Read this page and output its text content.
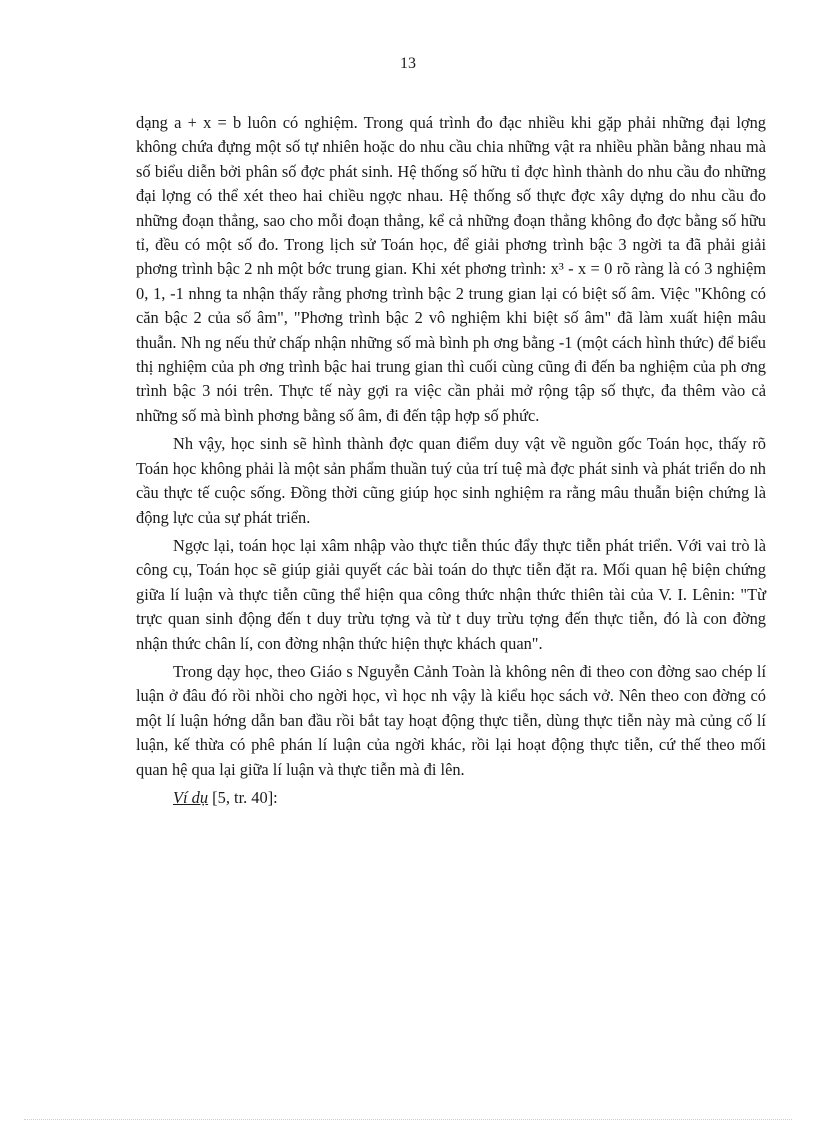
13

dạng a + x = b luôn có nghiệm. Trong quá trình đo đạc nhiều khi gặp phải những đại lợng không chứa đựng một số tự nhiên hoặc do nhu cầu chia những vật ra nhiều phần bằng nhau mà số biểu diễn bởi phân số đợc phát sinh. Hệ thống số hữu tỉ đợc hình thành do nhu cầu đo những đại lợng có thể xét theo hai chiều ngợc nhau. Hệ thống số thực đợc xây dựng do nhu cầu đo những đoạn thẳng, sao cho mỗi đoạn thẳng, kể cả những đoạn thẳng không đo đợc bằng số hữu tỉ, đều có một số đo. Trong lịch sử Toán học, để giải phơng trình bậc 3 ngời ta đã phải giải phơng trình bậc 2 nh một bớc trung gian. Khi xét phơng trình: x³ - x = 0 rõ ràng là có 3 nghiệm 0, 1, -1 nhng ta nhận thấy rằng phơng trình bậc 2 trung gian lại có biệt số âm. Việc "Không có căn bậc 2 của số âm", "Phơng trình bậc 2 vô nghiệm khi biệt số âm" đã làm xuất hiện mâu thuẫn. Nh ng nếu thử chấp nhận những số mà bình ph ơng bằng -1 (một cách hình thức) để biểu thị nghiệm của ph ơng trình bậc hai trung gian thì cuối cùng cũng đi đến ba nghiệm của ph ơng trình bậc 3 nói trên. Thực tế này gợi ra việc cần phải mở rộng tập số thực, đa thêm vào cả những số mà bình phơng bằng số âm, đi đến tập hợp số phức.

Nh vậy, học sinh sẽ hình thành đợc quan điểm duy vật về nguồn gốc Toán học, thấy rõ Toán học không phải là một sản phẩm thuần tuý của trí tuệ mà đợc phát sinh và phát triển do nh cầu thực tế cuộc sống. Đồng thời cũng giúp học sinh nghiệm ra rằng mâu thuẫn biện chứng là động lực của sự phát triển.

Ngợc lại, toán học lại xâm nhập vào thực tiễn thúc đẩy thực tiễn phát triển. Với vai trò là công cụ, Toán học sẽ giúp giải quyết các bài toán do thực tiễn đặt ra. Mối quan hệ biện chứng giữa lí luận và thực tiễn cũng thể hiện qua công thức nhận thức thiên tài của V. I. Lênin: "Từ trực quan sinh động đến t duy trừu tợng và từ t duy trừu tợng đến thực tiễn, đó là con đờng nhận thức chân lí, con đờng nhận thức hiện thực khách quan".

Trong dạy học, theo Giáo s Nguyễn Cảnh Toàn là không nên đi theo con đờng sao chép lí luận ở đâu đó rồi nhồi cho ngời học, vì học nh vậy là kiểu học sách vở. Nên theo con đờng có một lí luận hớng dẫn ban đầu rồi bắt tay hoạt động thực tiễn, dùng thực tiễn này mà củng cố lí luận, kế thừa có phê phán lí luận của ngời khác, rồi lại hoạt động thực tiễn, cứ thế theo mối quan hệ qua lại giữa lí luận và thực tiễn mà đi lên.

Ví dụ [5, tr. 40]:
